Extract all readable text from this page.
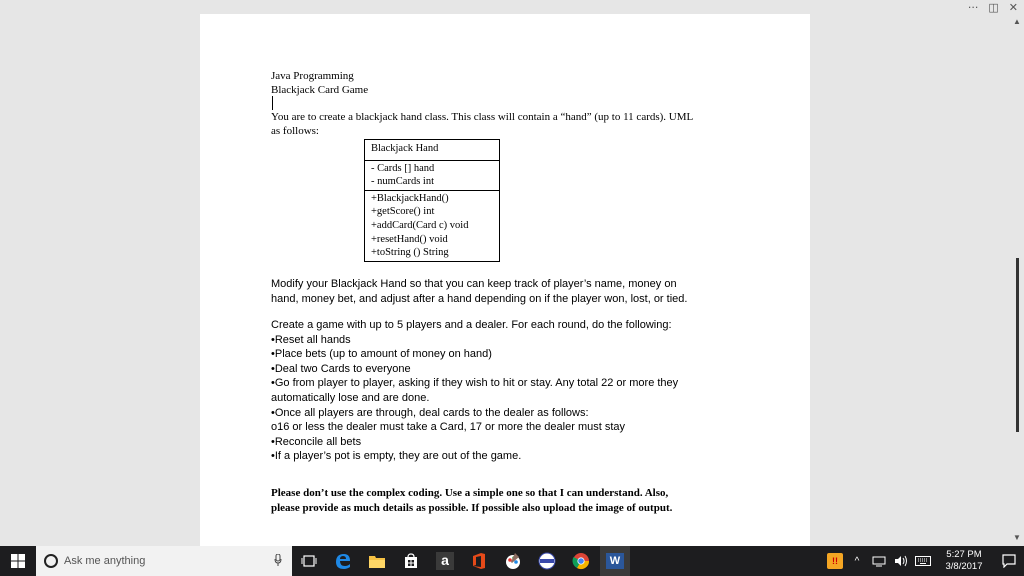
··· ◫ ✕
Java Programming
Blackjack Card Game
You are to create a blackjack hand class. This class will contain a “hand” (up to 11 cards). UML
as follows:
Blackjack Hand
- Cards [] hand
- numCards int
+BlackjackHand()
+getScore() int
+addCard(Card c) void
+resetHand() void
+toString () String
Modify your Blackjack Hand so that you can keep track of player’s name, money on
hand, money bet, and adjust after a hand depending on if the player won, lost, or tied.
Create a game with up to 5 players and a dealer. For each round, do the following:
•Reset all hands
•Place bets (up to amount of money on hand)
•Deal two Cards to everyone
•Go from player to player, asking if they wish to hit or stay. Any total 22 or more they
automatically lose and are done.
•Once all players are through, deal cards to the dealer as follows:
o16 or less the dealer must take a Card, 17 or more the dealer must stay
•Reconcile all bets
•If a player’s pot is empty, they are out of the game.
Please don’t use the complex coding. Use a simple one so that I can understand. Also,
please provide as much details as possible. If possible also upload the image of output.
▲
▼
Ask me anything	a	W	!!	^
5:27 PM
3/8/2017
